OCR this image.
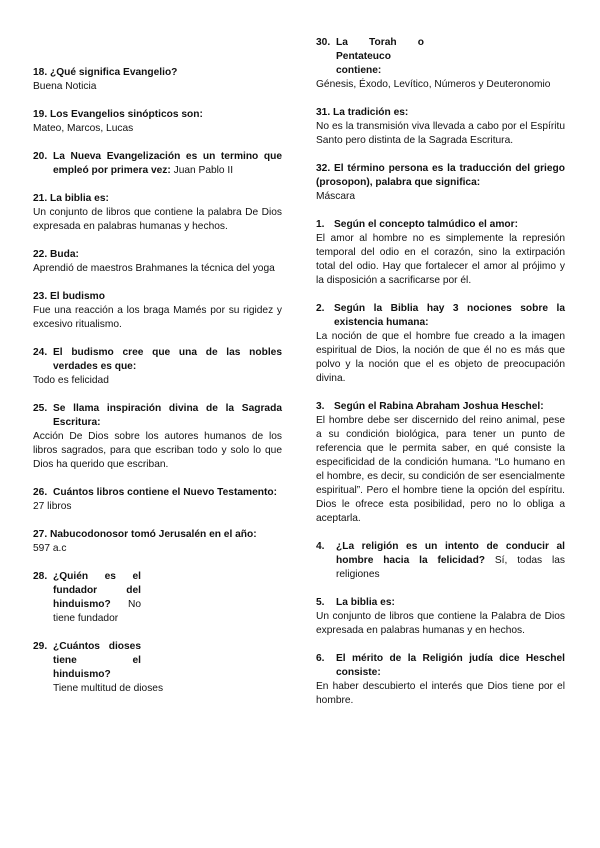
18. ¿Qué significa Evangelio?
Buena Noticia
19. Los Evangelios sinópticos son:
Mateo, Marcos, Lucas
20. La Nueva Evangelización es un termino que empleó por primera vez: Juan Pablo II
21. La biblia es:
Un conjunto de libros que contiene la palabra De Dios expresada en palabras humanas y hechos.
22. Buda:
Aprendió de maestros Brahmanes la técnica del yoga
23. El budismo
Fue una reacción a los braga Mamés por su rigidez y excesivo ritualismo.
24. El budismo cree que una de las nobles verdades es que:
Todo es felicidad
25. Se llama inspiración divina de la Sagrada Escritura:
Acción De Dios sobre los autores humanos de los libros sagrados, para que escriban todo y solo lo que Dios ha querido que escriban.
26. Cuántos libros contiene el Nuevo Testamento:
27 libros
27. Nabucodonosor tomó Jerusalén en el año:
597 a.c
28. ¿Quién es el fundador del hinduismo? No tiene fundador
29. ¿Cuántos dioses tiene el hinduismo?
Tiene multitud de dioses
30. La Torah o Pentateuco contiene:
Génesis, Éxodo, Levítico, Números y Deuteronomio
31. La tradición es:
No es la transmisión viva llevada a cabo por el Espíritu Santo pero distinta de la Sagrada Escritura.
32. El término persona es la traducción del griego (prosopon), palabra que significa:
Máscara
1. Según el concepto talmúdico el amor:
El amor al hombre no es simplemente la represión temporal del odio en el corazón, sino la extirpación total del odio. Hay que fortalecer el amor al prójimo y la disposición a sacrificarse por él.
2. Según la Biblia hay 3 nociones sobre la existencia humana:
La noción de que el hombre fue creado a la imagen espiritual de Dios, la noción de que él no es más que polvo y la noción que el es objeto de preocupación divina.
3. Según el Rabina Abraham Joshua Heschel:
El hombre debe ser discernido del reino animal, pese a su condición biológica, para tener un punto de referencia que le permita saber, en qué consiste la especificidad de la condición humana. “Lo humano en el hombre, es decir, su condición de ser esencialmente espiritual”. Pero el hombre tiene la opción del espíritu. Dios le ofrece esta posibilidad, pero no lo obliga a aceptarla.
4.	¿La religión es un intento de conducir al hombre hacia la felicidad? Sí, todas las religiones
5.	La biblia es:
Un conjunto de libros que contiene la Palabra de Dios expresada en palabras humanas y en hechos.
6.	El mérito de la Religión judía dice Heschel consiste:
En haber descubierto el interés que Dios tiene por el hombre.
